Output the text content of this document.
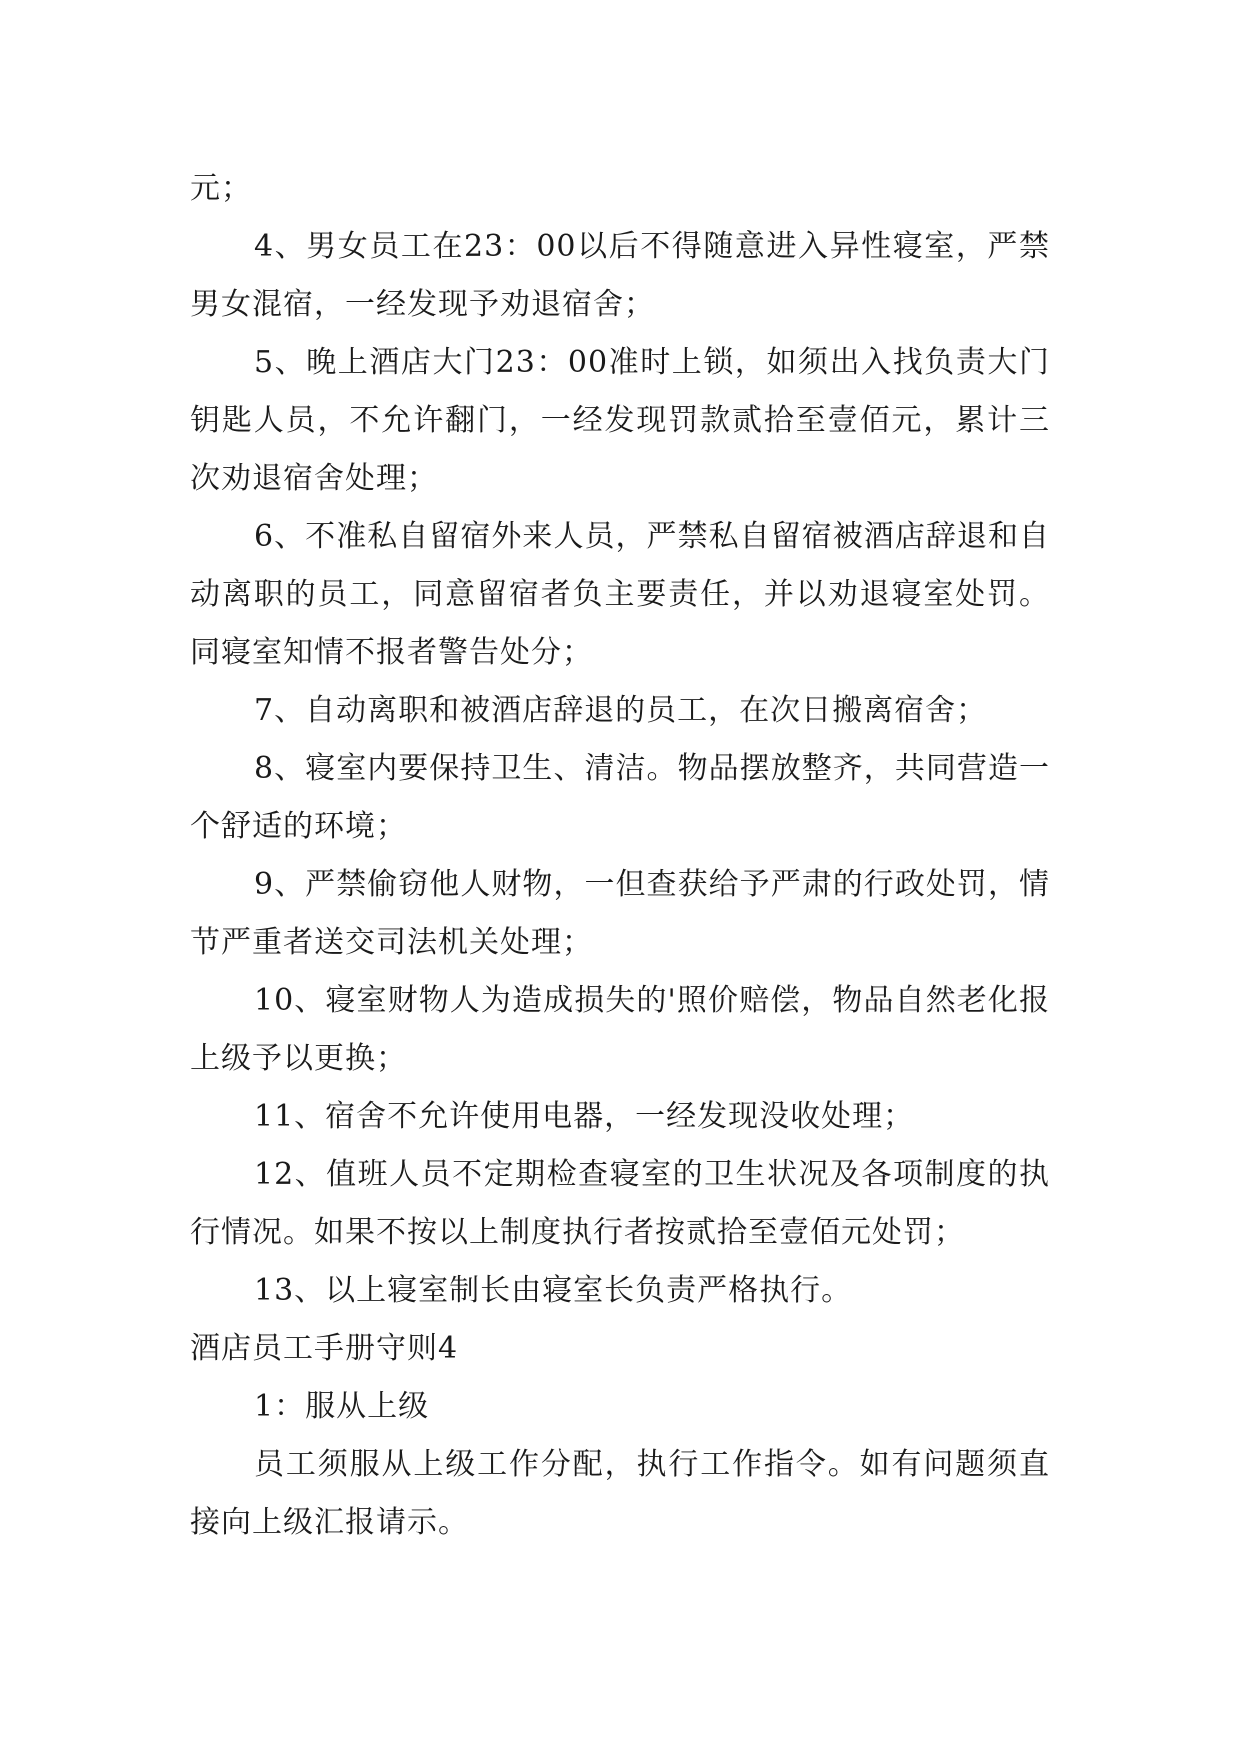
元；

4、男女员工在23：00以后不得随意进入异性寝室，严禁男女混宿，一经发现予劝退宿舍；

5、晚上酒店大门23：00准时上锁，如须出入找负责大门钥匙人员，不允许翻门，一经发现罚款贰拾至壹佰元，累计三次劝退宿舍处理；

6、不准私自留宿外来人员，严禁私自留宿被酒店辞退和自动离职的员工，同意留宿者负主要责任，并以劝退寝室处罚。同寝室知情不报者警告处分；

7、自动离职和被酒店辞退的员工，在次日搬离宿舍；

8、寝室内要保持卫生、清洁。物品摆放整齐，共同营造一个舒适的环境；

9、严禁偷窃他人财物，一但查获给予严肃的行政处罚，情节严重者送交司法机关处理；

10、寝室财物人为造成损失的'照价赔偿，物品自然老化报上级予以更换；

11、宿舍不允许使用电器，一经发现没收处理；

12、值班人员不定期检查寝室的卫生状况及各项制度的执行情况。如果不按以上制度执行者按贰拾至壹佰元处罚；

13、以上寝室制长由寝室长负责严格执行。

酒店员工手册守则4

1：服从上级

员工须服从上级工作分配，执行工作指令。如有问题须直接向上级汇报请示。
